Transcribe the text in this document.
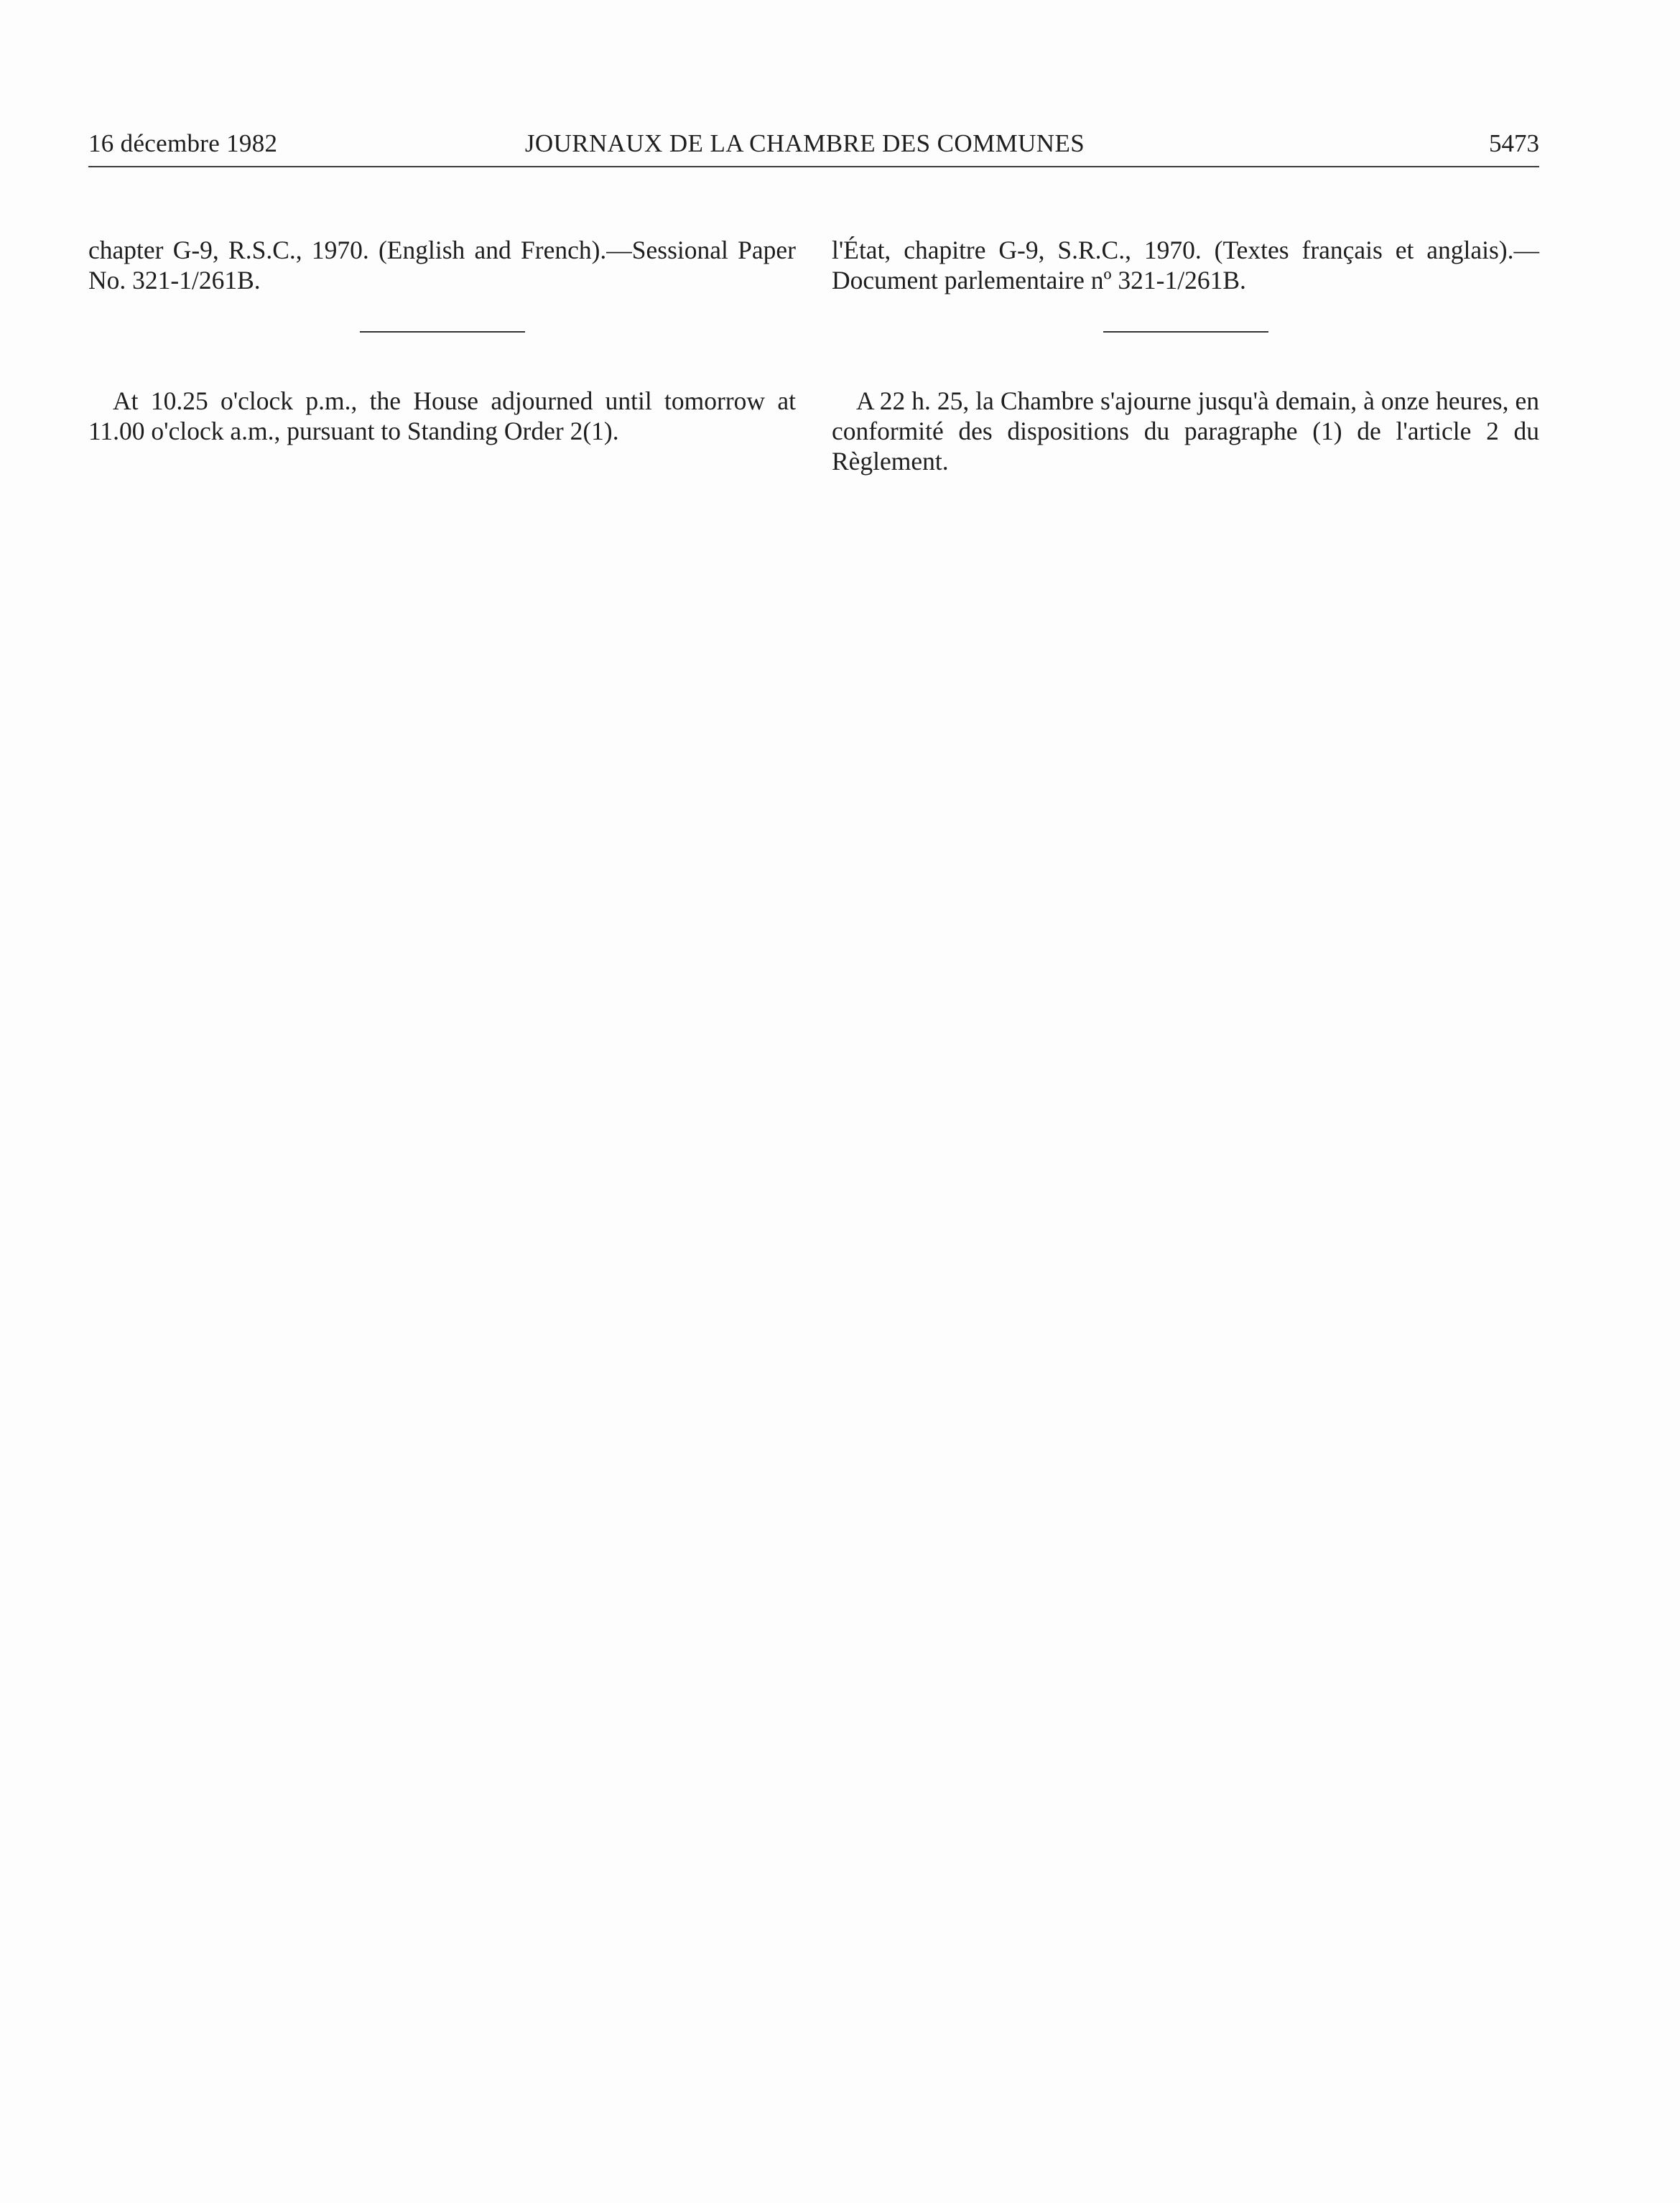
16 décembre 1982	JOURNAUX DE LA CHAMBRE DES COMMUNES	5473

chapter G-9, R.S.C., 1970. (English and French).—Sessional Paper No. 321-1/261B.

At 10.25 o'clock p.m., the House adjourned until tomorrow at 11.00 o'clock a.m., pursuant to Standing Order 2(1).

l'État, chapitre G-9, S.R.C., 1970. (Textes français et anglais).—Document parlementaire nº 321-1/261B.

A 22 h. 25, la Chambre s'ajourne jusqu'à demain, à onze heures, en conformité des dispositions du paragraphe (1) de l'article 2 du Règlement.
